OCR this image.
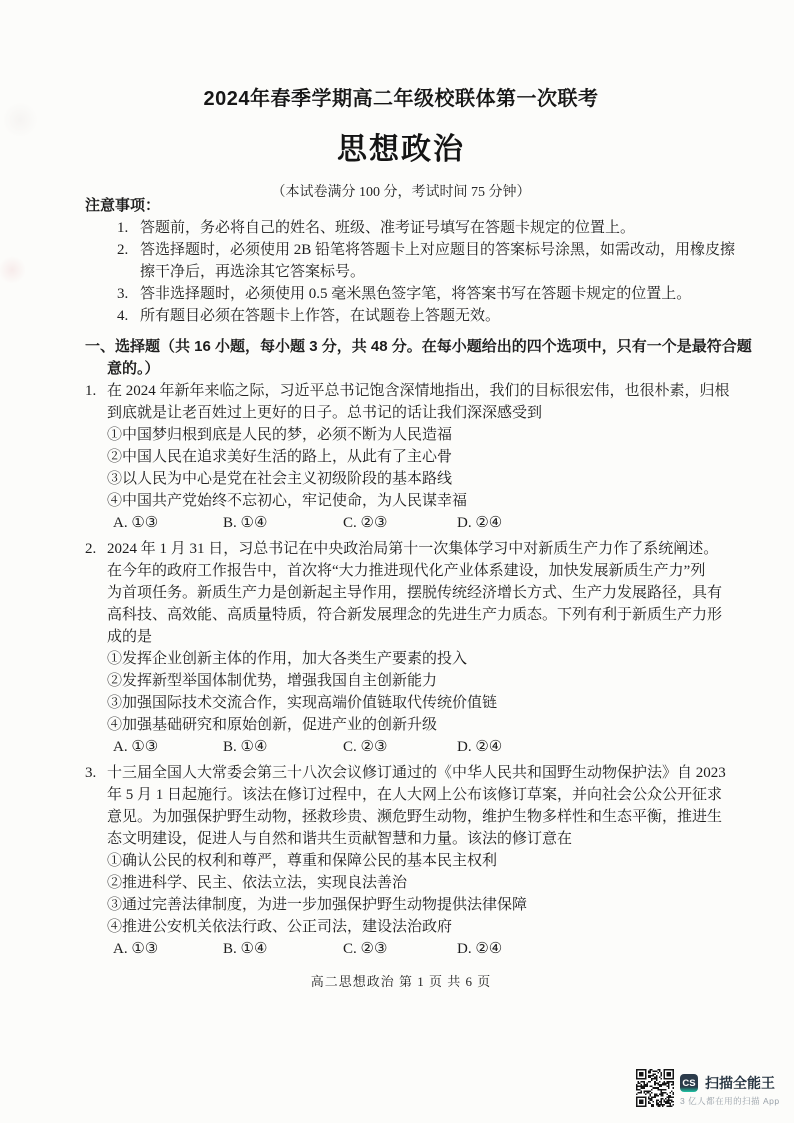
2024年春季学期高二年级校联体第一次联考
思想政治
（本试卷满分 100 分，考试时间 75 分钟）
注意事项：
1. 答题前，务必将自己的姓名、班级、准考证号填写在答题卡规定的位置上。
2. 答选择题时，必须使用 2B 铅笔将答题卡上对应题目的答案标号涂黑，如需改动，用橡皮擦
擦干净后，再选涂其它答案标号。
3. 答非选择题时，必须使用 0.5 毫米黑色签字笔，将答案书写在答题卡规定的位置上。
4. 所有题目必须在答题卡上作答，在试题卷上答题无效。
一、选择题（共 16 小题，每小题 3 分，共 48 分。在每小题给出的四个选项中，只有一个是最符合题
意的。）
1. 在 2024 年新年来临之际，习近平总书记饱含深情地指出，我们的目标很宏伟，也很朴素，归根
到底就是让老百姓过上更好的日子。总书记的话让我们深深感受到
①中国梦归根到底是人民的梦，必须不断为人民造福
②中国人民在追求美好生活的路上，从此有了主心骨
③以人民为中心是党在社会主义初级阶段的基本路线
④中国共产党始终不忘初心，牢记使命，为人民谋幸福
A. ①③	B. ①④	C. ②③	D. ②④
2. 2024 年 1 月 31 日，习总书记在中央政治局第十一次集体学习中对新质生产力作了系统阐述。
在今年的政府工作报告中，首次将“大力推进现代化产业体系建设，加快发展新质生产力”列
为首项任务。新质生产力是创新起主导作用，摆脱传统经济增长方式、生产力发展路径，具有
高科技、高效能、高质量特质，符合新发展理念的先进生产力质态。下列有利于新质生产力形
成的是
①发挥企业创新主体的作用，加大各类生产要素的投入
②发挥新型举国体制优势，增强我国自主创新能力
③加强国际技术交流合作，实现高端价值链取代传统价值链
④加强基础研究和原始创新，促进产业的创新升级
A. ①③	B. ①④	C. ②③	D. ②④
3. 十三届全国人大常委会第三十八次会议修订通过的《中华人民共和国野生动物保护法》自 2023
年 5 月 1 日起施行。该法在修订过程中，在人大网上公布该修订草案，并向社会公众公开征求
意见。为加强保护野生动物，拯救珍贵、濒危野生动物，维护生物多样性和生态平衡，推进生
态文明建设，促进人与自然和谐共生贡献智慧和力量。该法的修订意在
①确认公民的权利和尊严，尊重和保障公民的基本民主权利
②推进科学、民主、依法立法，实现良法善治
③通过完善法律制度，为进一步加强保护野生动物提供法律保障
④推进公安机关依法行政、公正司法，建设法治政府
A. ①③	B. ①④	C. ②③	D. ②④
高二思想政治 第 1 页 共 6 页
CS 扫描全能王
3 亿人都在用的扫描 App
